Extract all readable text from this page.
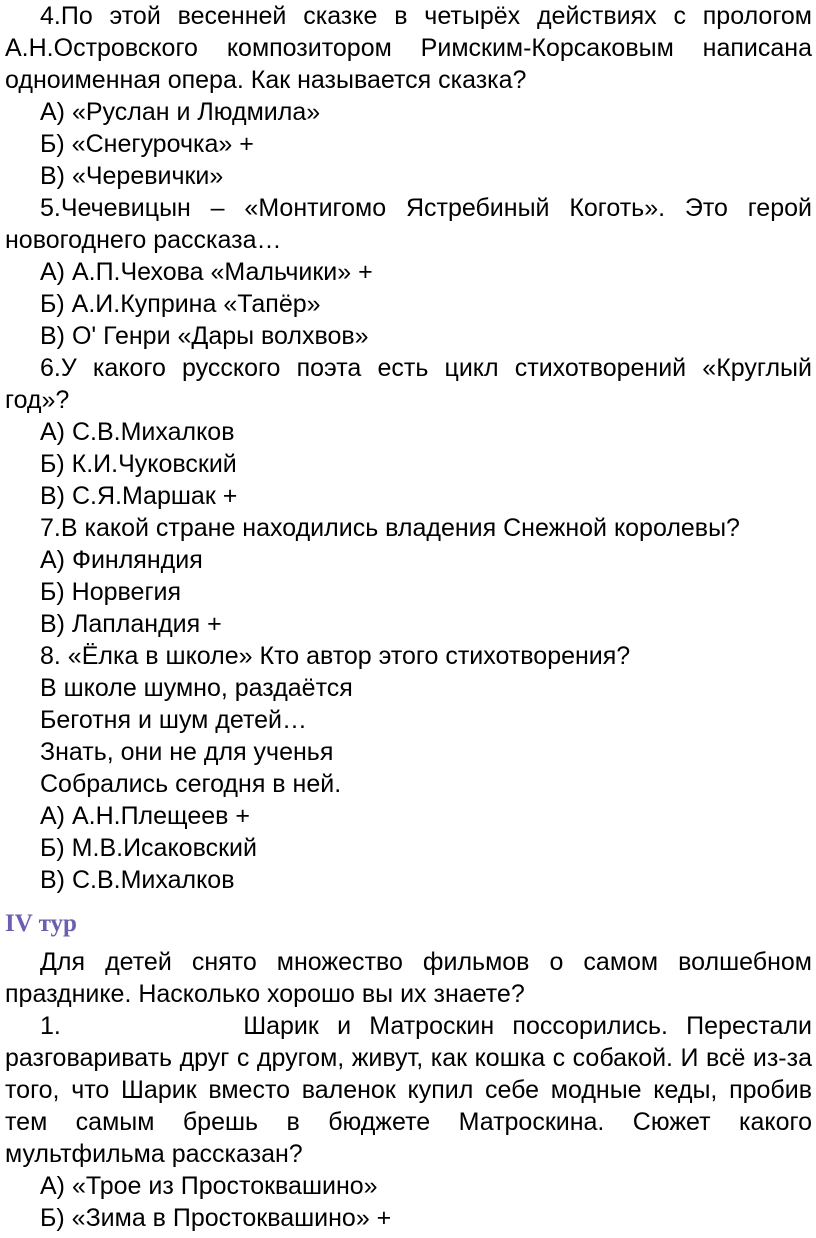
4.По этой весенней сказке в четырёх действиях с прологом А.Н.Островского композитором Римским-Корсаковым написана одноименная опера. Как называется сказка?
А) «Руслан и Людмила»
Б) «Снегурочка» +
В) «Черевички»
5.Чечевицын – «Монтигомо Ястребиный Коготь». Это герой новогоднего рассказа…
А) А.П.Чехова «Мальчики» +
Б) А.И.Куприна «Тапёр»
В) О' Генри «Дары волхвов»
6.У какого русского поэта есть цикл стихотворений «Круглый год»?
А) С.В.Михалков
Б) К.И.Чуковский
В) С.Я.Маршак +
7.В какой стране находились владения Снежной королевы?
А) Финляндия
Б) Норвегия
В) Лапландия +
8. «Ёлка в школе» Кто автор этого стихотворения?
В школе шумно, раздаётся
Беготня и шум детей…
Знать, они не для ученья
Собрались сегодня в ней.
А) А.Н.Плещеев +
Б) М.В.Исаковский
В) С.В.Михалков
IV тур
Для детей снято множество фильмов о самом волшебном празднике. Насколько хорошо вы их знаете?
1.          Шарик и Матроскин поссорились. Перестали разговаривать друг с другом, живут, как кошка с собакой. И всё из-за того, что Шарик вместо валенок купил себе модные кеды, пробив тем самым брешь в бюджете Матроскина. Сюжет какого мультфильма рассказан?
А) «Трое из Простоквашино»
Б) «Зима в Простоквашино» +
